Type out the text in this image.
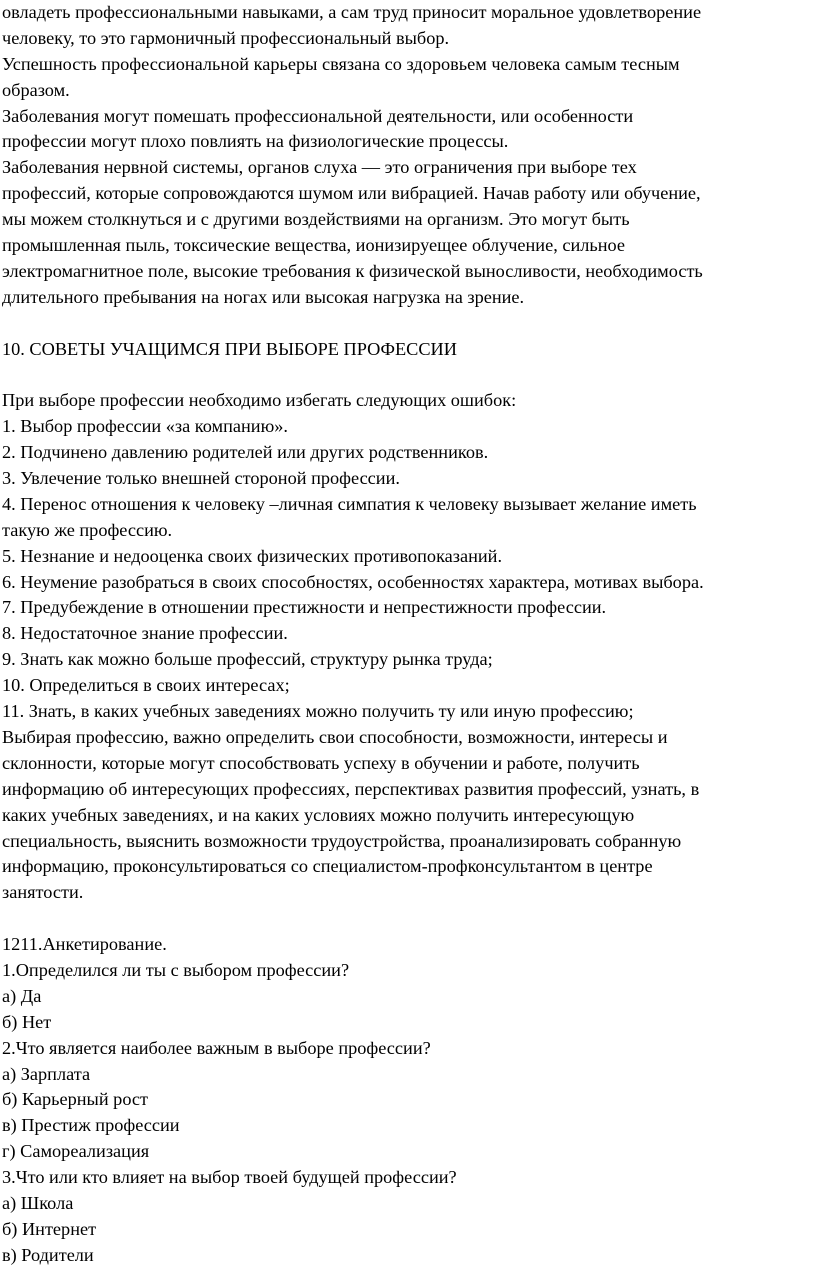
овладеть профессиональными навыками, а сам труд приносит моральное удовлетворение
человеку, то это гармоничный профессиональный выбор.
Успешность профессиональной карьеры связана со здоровьем человека самым тесным
образом.
Заболевания могут помешать профессиональной деятельности, или особенности
профессии могут плохо повлиять на физиологические процессы.
Заболевания нервной системы, органов слуха — это ограничения при выборе тех
профессий, которые сопровождаются шумом или вибрацией. Начав работу или обучение,
мы можем столкнуться и с другими воздействиями на организм. Это могут быть
промышленная пыль, токсические вещества, ионизируещее облучение, сильное
электромагнитное поле, высокие требования к физической выносливости, необходимость
длительного пребывания на ногах или высокая нагрузка на зрение.
10. СОВЕТЫ УЧАЩИМСЯ ПРИ ВЫБОРЕ ПРОФЕССИИ
При выборе профессии необходимо избегать следующих ошибок:
1. Выбор профессии «за компанию».
2. Подчинено давлению родителей или других родственников.
3. Увлечение только внешней стороной профессии.
4. Перенос отношения к человеку –личная симпатия к человеку вызывает желание иметь
такую же профессию.
5. Незнание и недооценка своих физических противопоказаний.
6. Неумение разобраться в своих способностях, особенностях характера, мотивах выбора.
7. Предубеждение в отношении престижности и непрестижности профессии.
8. Недостаточное знание профессии.
9. Знать как можно больше профессий, структуру рынка труда;
10. Определиться в своих интересах;
11. Знать, в каких учебных заведениях можно получить ту или иную профессию;
Выбирая профессию, важно определить свои способности, возможности, интересы и
склонности, которые могут способствовать успеху в обучении и работе, получить
информацию об интересующих профессиях, перспективах развития профессий, узнать, в
каких учебных заведениях, и на каких условиях можно получить интересующую
специальность, выяснить возможности трудоустройства, проанализировать собранную
информацию, проконсультироваться со специалистом-профконсультантом в центре
занятости.
1211.Анкетирование.
1.Определился ли ты с выбором профессии?
а) Да
б) Нет
2.Что является наиболее важным в выборе профессии?
а) Зарплата
б) Карьерный рост
в) Престиж профессии
г) Самореализация
3.Что или кто влияет на выбор твоей будущей профессии?
а) Школа
б) Интернет
в) Родители
